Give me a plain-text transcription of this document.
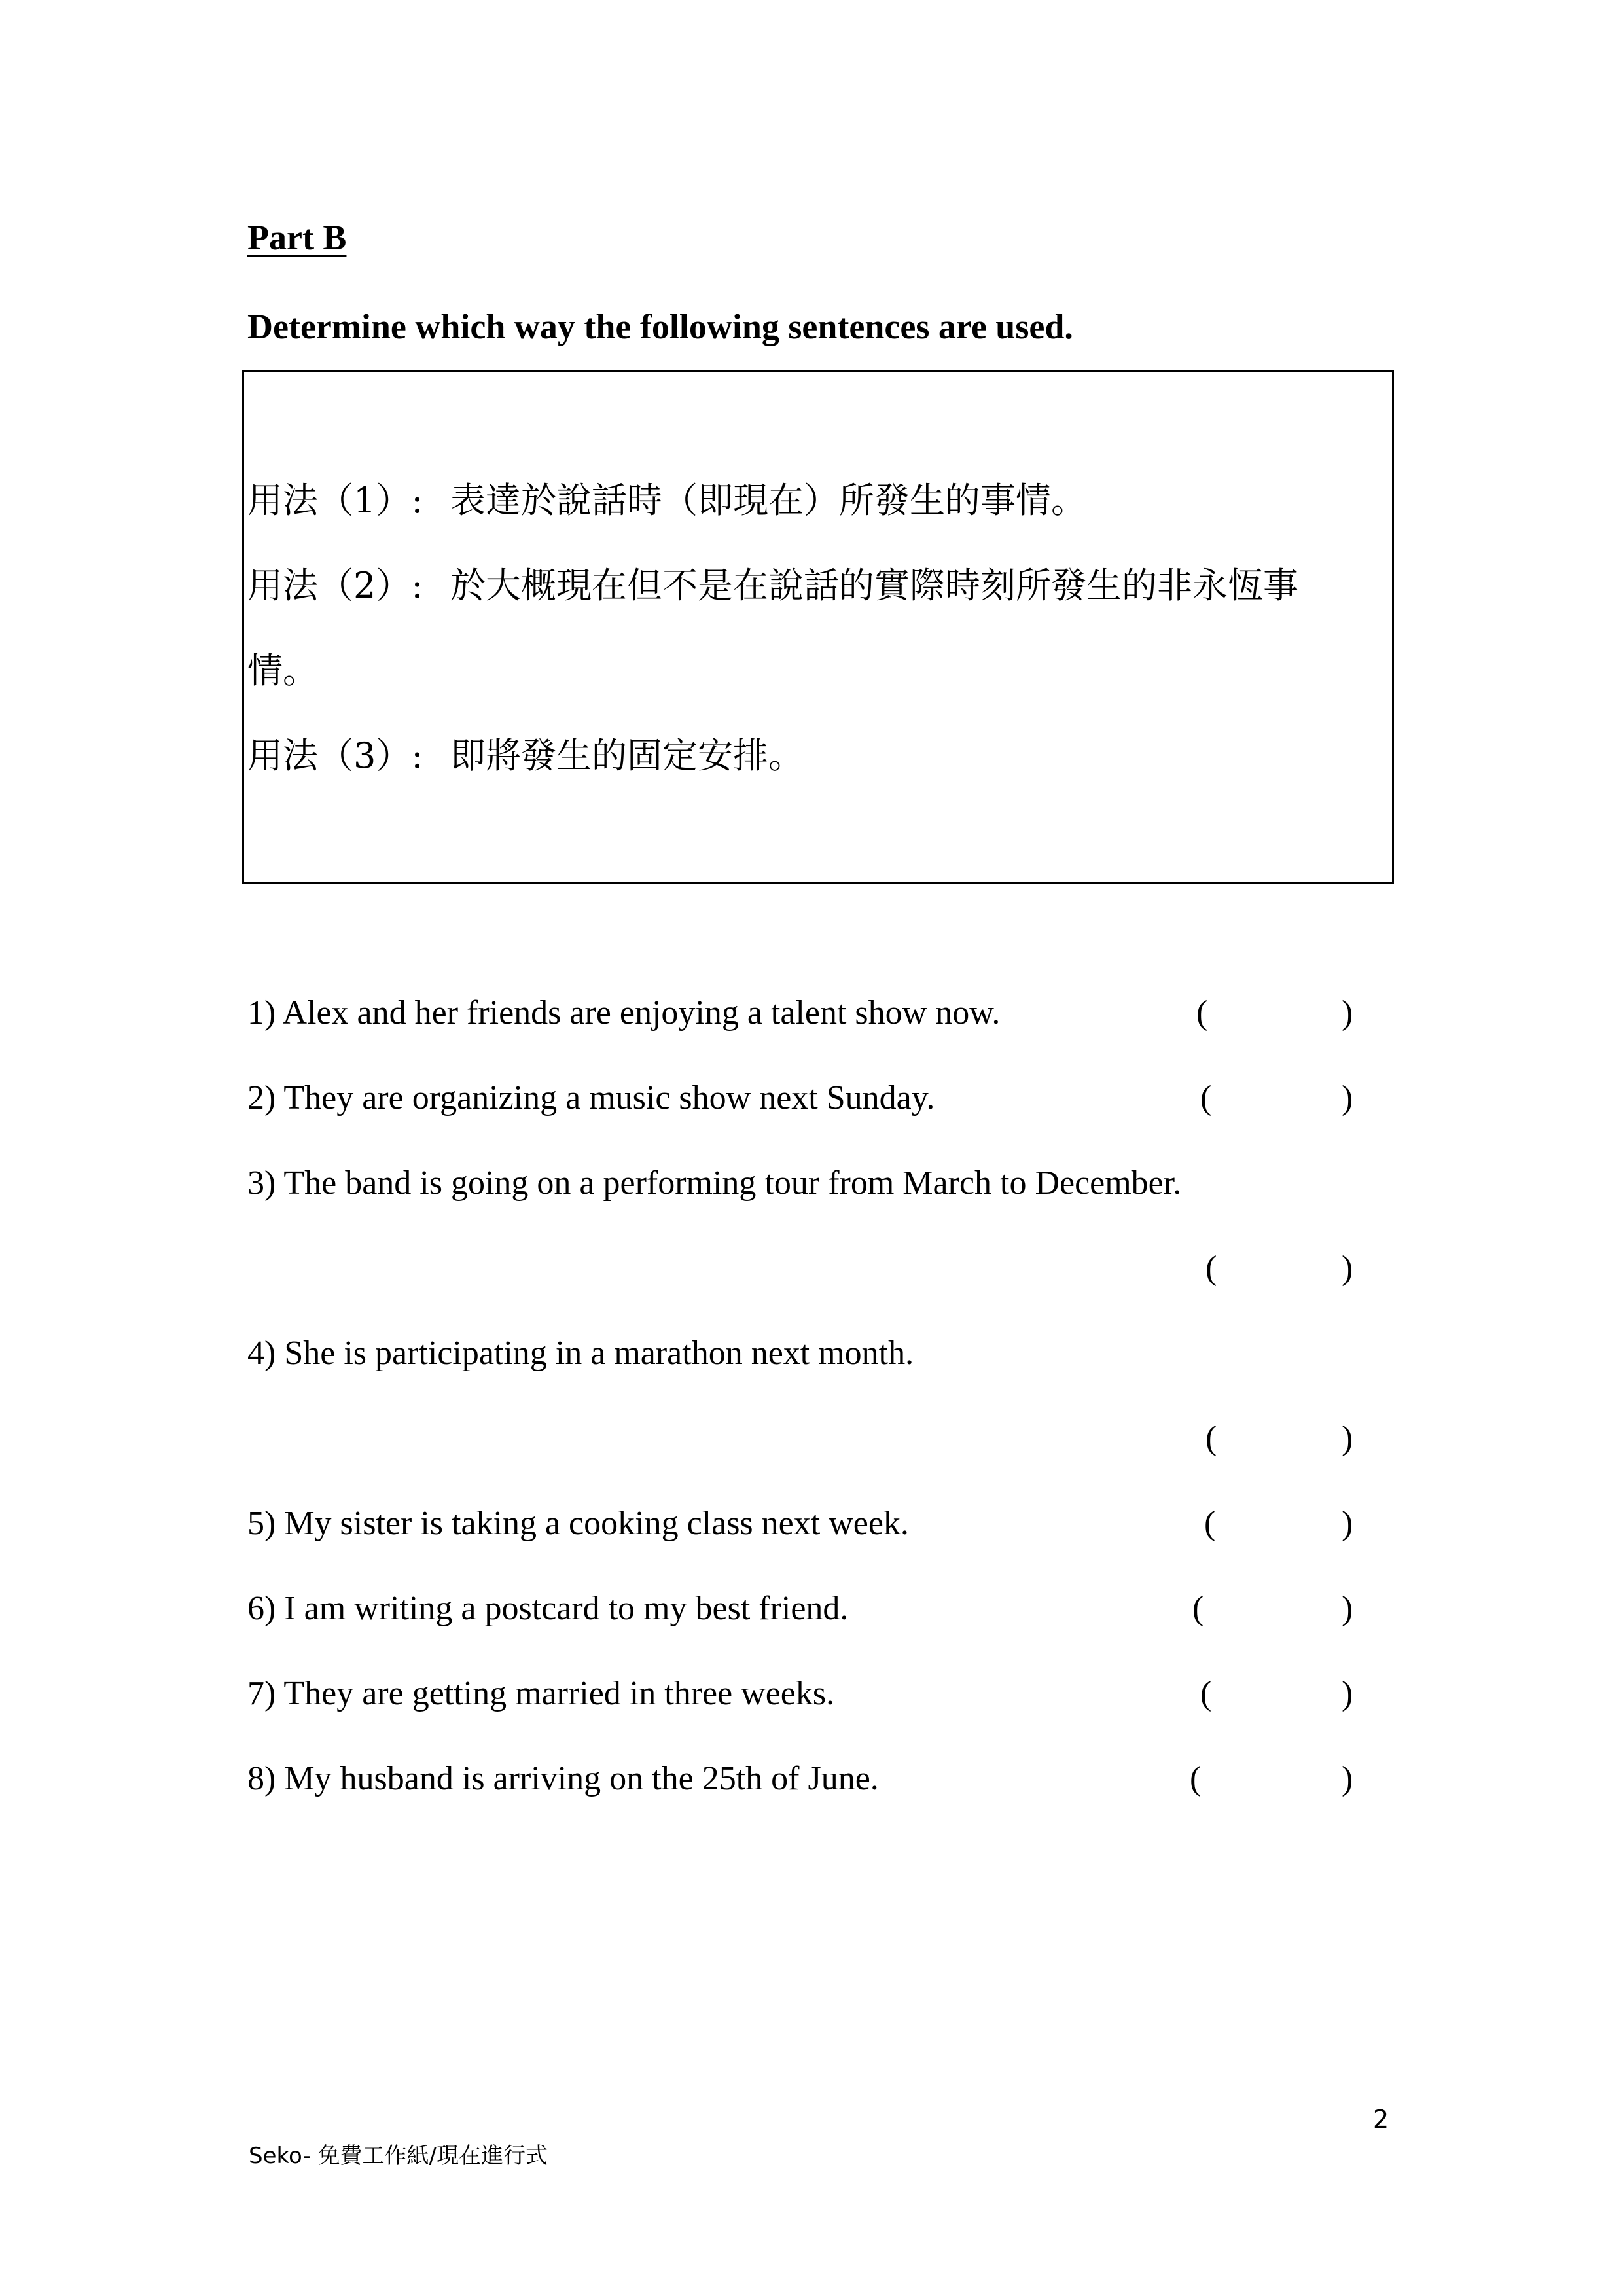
Part B
Determine which way the following sentences are used.
用法（1）: 表達於說話時（即現在）所發生的事情。
用法（2）: 於大概現在但不是在說話的實際時刻所發生的非永恆事
情。
用法（3）: 即將發生的固定安排。
1) Alex and her friends are enjoying a talent show now.	(	)
2) They are organizing a music show next Sunday.	(	)
3) The band is going on a performing tour from March to December.
(	)
4) She is participating in a marathon next month.
(	)
5) My sister is taking a cooking class next week.	(	)
6) I am writing a postcard to my best friend.	(	)
7) They are getting married in three weeks.	(	)
8) My husband is arriving on the 25th of June.	(	)
2
Seko- 免費工作紙/現在進行式
